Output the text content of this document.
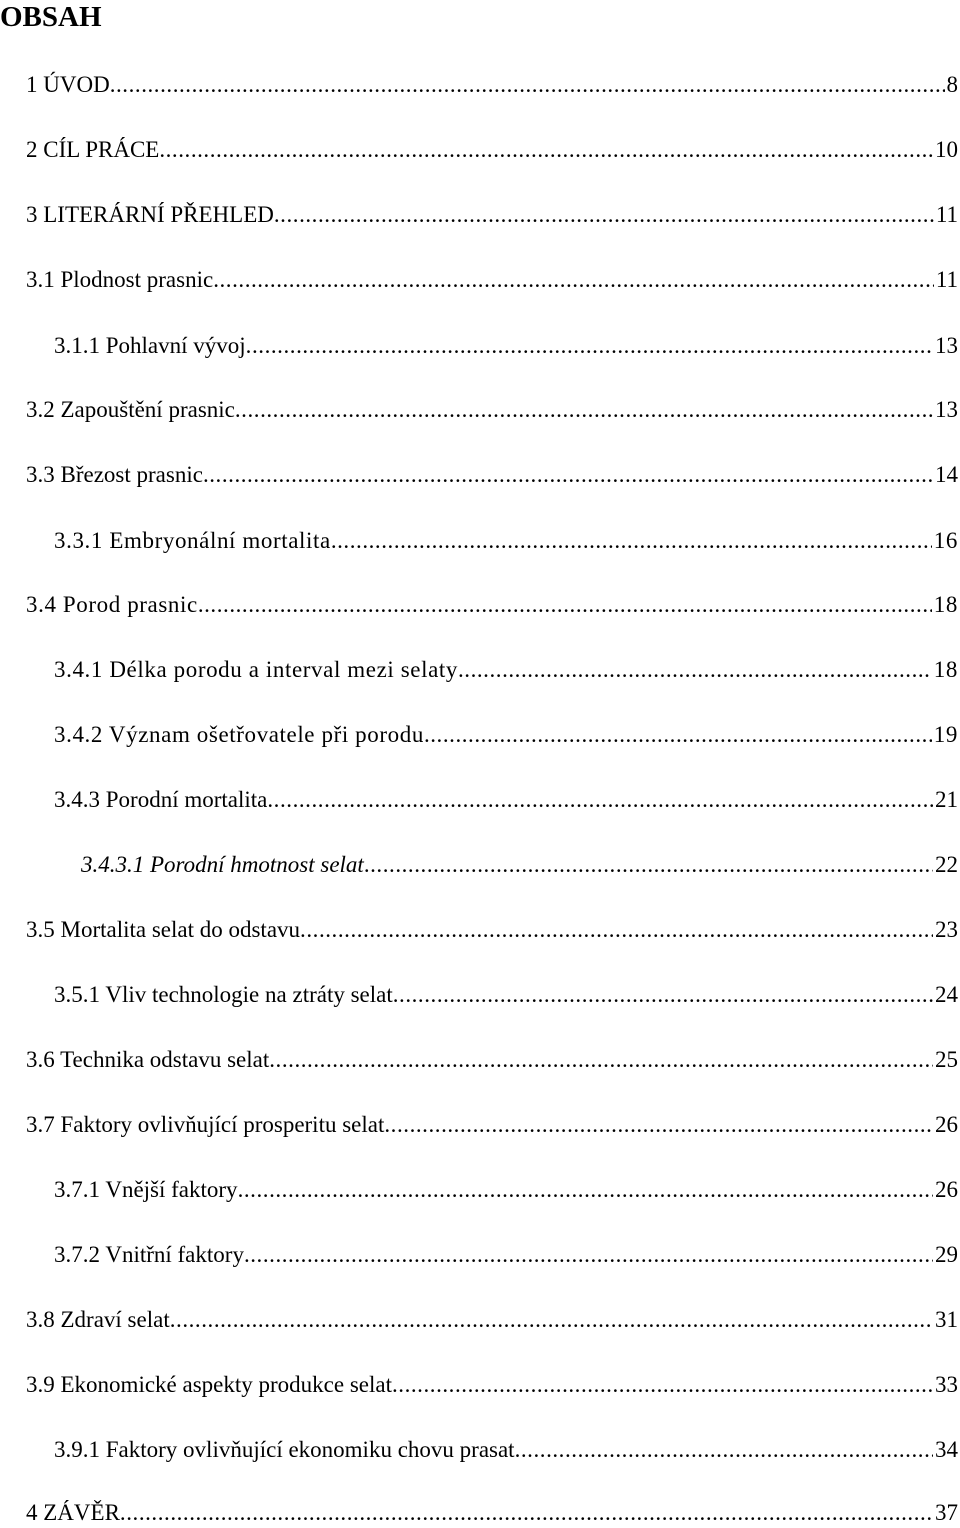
OBSAH
1 ÚVOD . . .	8
2 CÍL PRÁCE . . .	10
3 LITERÁRNÍ PŘEHLED . . .	11
3.1 Plodnost prasnic . . .	11
3.1.1 Pohlavní vývoj . . .	13
3.2 Zapouštění prasnic . . .	13
3.3 Březost prasnic . . .	14
3.3.1 Embryonální mortalita . . .	16
3.4 Porod prasnic . . .	18
3.4.1 Délka porodu a interval mezi selaty . . .	18
3.4.2 Význam ošetřovatele při porodu . . .	19
3.4.3 Porodní mortalita . . .	21
3.4.3.1 Porodní hmotnost selat . . .	22
3.5 Mortalita selat do odstavu . . .	23
3.5.1 Vliv technologie na ztráty selat . . .	24
3.6 Technika odstavu selat . . .	25
3.7 Faktory ovlivňující prosperitu selat . . .	26
3.7.1 Vnější faktory . . .	26
3.7.2 Vnitřní faktory . . .	29
3.8 Zdraví selat . . .	31
3.9 Ekonomické aspekty produkce selat . . .	33
3.9.1 Faktory ovlivňující ekonomiku chovu prasat . . .	34
4 ZÁVĚR . . .	37
